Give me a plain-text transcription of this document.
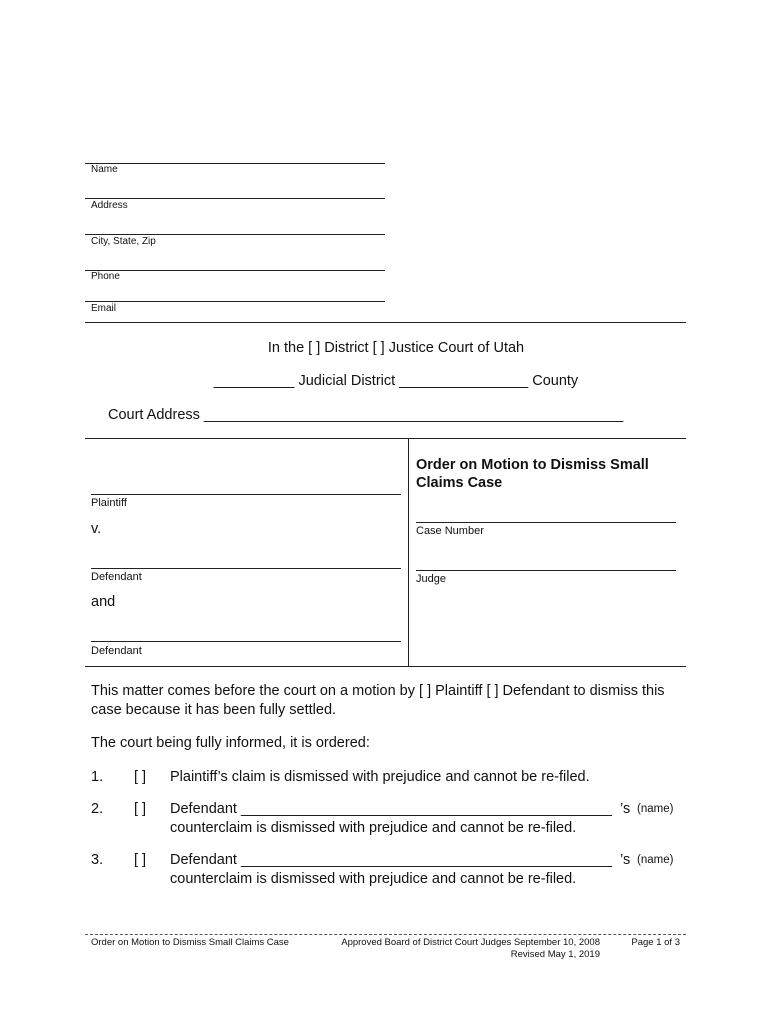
Name
Address
City, State, Zip
Phone
Email
In the [ ] District [ ] Justice Court of Utah
__________ Judicial District ________________ County
Court Address ____________________________________________________
Plaintiff
v.
Defendant
and
Defendant
Order on Motion to Dismiss Small Claims Case
Case Number
Judge
This matter comes before the court on a motion by [ ] Plaintiff [ ] Defendant to dismiss this case because it has been fully settled.
The court being fully informed, it is ordered:
1. [ ] Plaintiff’s claim is dismissed with prejudice and cannot be re-filed.
2. [ ] Defendant ______________________________________________ ’s (name)
counterclaim is dismissed with prejudice and cannot be re-filed.
3. [ ] Defendant ______________________________________________ ’s (name)
counterclaim is dismissed with prejudice and cannot be re-filed.
Order on Motion to Dismiss Small Claims Case	Approved Board of District Court Judges September 10, 2008
Revised May 1, 2019
Page 1 of 3
